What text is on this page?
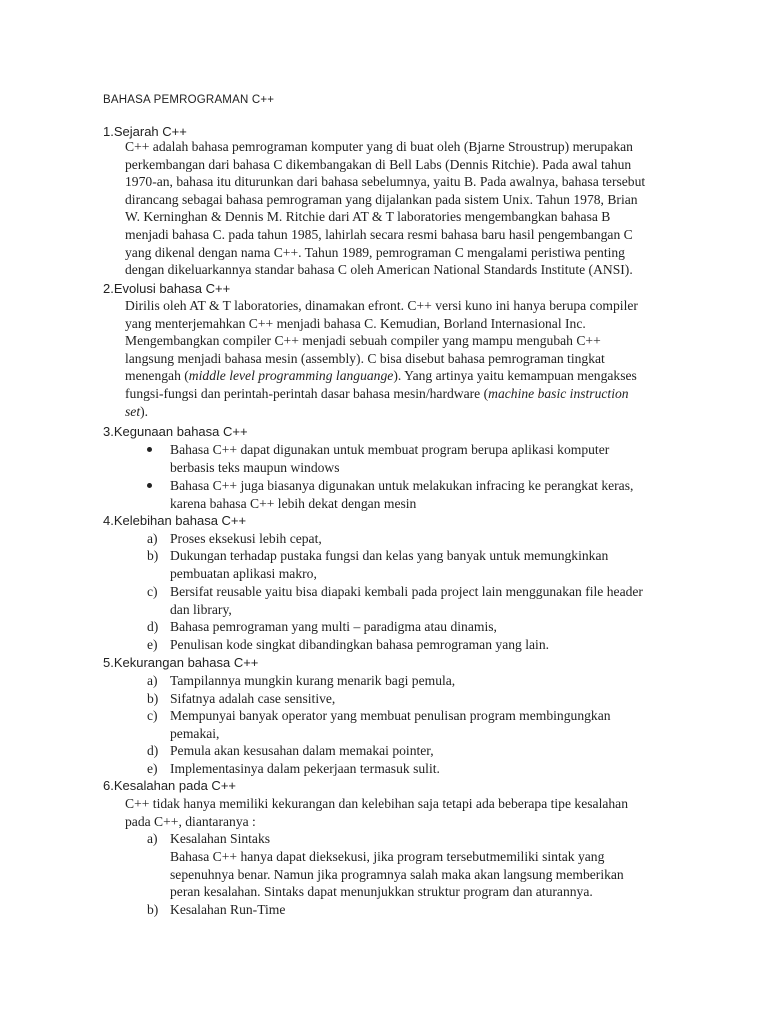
BAHASA PEMROGRAMAN C++
1.Sejarah C++
C++ adalah bahasa pemrograman komputer yang di buat oleh (Bjarne Stroustrup) merupakan
perkembangan dari bahasa C dikembangakan di Bell Labs (Dennis Ritchie). Pada awal tahun
1970-an, bahasa itu diturunkan dari bahasa sebelumnya, yaitu B. Pada awalnya, bahasa tersebut
dirancang sebagai bahasa pemrograman yang dijalankan pada sistem Unix. Tahun 1978, Brian
W. Kerninghan & Dennis M. Ritchie dari AT & T laboratories mengembangkan bahasa B
menjadi bahasa C. pada tahun 1985, lahirlah secara resmi bahasa baru hasil pengembangan C
yang dikenal dengan nama C++. Tahun 1989, pemrograman C mengalami peristiwa penting
dengan dikeluarkannya standar bahasa C oleh American National Standards Institute (ANSI).
2.Evolusi bahasa C++
Dirilis oleh AT & T laboratories, dinamakan efront. C++ versi kuno ini hanya berupa compiler
yang menterjemahkan C++ menjadi bahasa C. Kemudian, Borland Internasional Inc.
Mengembangkan compiler C++ menjadi sebuah compiler yang mampu mengubah C++
langsung menjadi bahasa mesin (assembly). C bisa disebut bahasa pemrograman tingkat
menengah (middle level programming languange). Yang artinya yaitu kemampuan mengakses
fungsi-fungsi dan perintah-perintah dasar bahasa mesin/hardware (machine basic instruction
set).
3.Kegunaan bahasa C++
Bahasa C++ dapat digunakan untuk membuat program berupa aplikasi komputer
berbasis teks maupun windows
Bahasa C++ juga biasanya digunakan untuk melakukan infracing ke perangkat keras,
karena bahasa C++ lebih dekat dengan mesin
4.Kelebihan bahasa C++
a) Proses eksekusi lebih cepat,
b) Dukungan terhadap pustaka fungsi dan kelas yang banyak untuk memungkinkan
pembuatan aplikasi makro,
c) Bersifat reusable yaitu bisa diapaki kembali pada project lain menggunakan file header
dan library,
d) Bahasa pemrograman yang multi – paradigma atau dinamis,
e) Penulisan kode singkat dibandingkan bahasa pemrograman yang lain.
5.Kekurangan bahasa C++
a) Tampilannya mungkin kurang menarik bagi pemula,
b) Sifatnya adalah case sensitive,
c) Mempunyai banyak operator yang membuat penulisan program membingungkan
pemakai,
d) Pemula akan kesusahan dalam memakai pointer,
e) Implementasinya dalam pekerjaan termasuk sulit.
6.Kesalahan pada C++
C++ tidak hanya memiliki kekurangan dan kelebihan saja tetapi ada beberapa tipe kesalahan
pada C++, diantaranya :
a) Kesalahan Sintaks
Bahasa C++ hanya dapat dieksekusi, jika program tersebutmemiliki sintak yang
sepenuhnya benar. Namun jika programnya salah maka akan langsung memberikan
peran kesalahan. Sintaks dapat menunjukkan struktur program dan aturannya.
b) Kesalahan Run-Time
